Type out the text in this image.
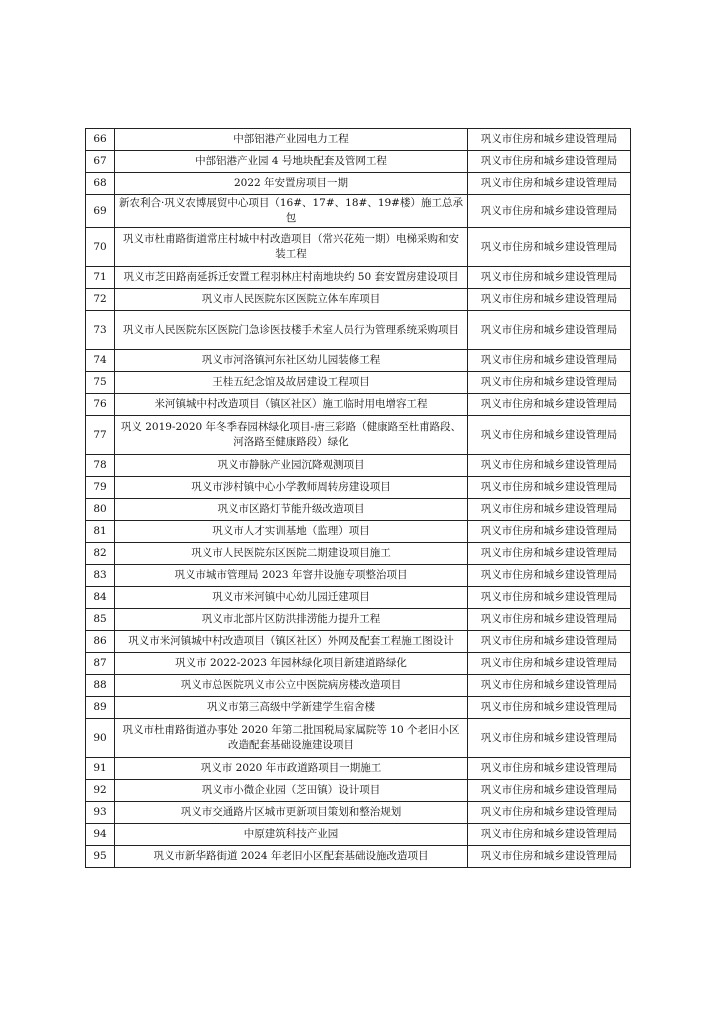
66	中部铝港产业园电力工程	巩义市住房和城乡建设管理局
67	中部铝港产业园 4 号地块配套及管网工程	巩义市住房和城乡建设管理局
68	2022 年安置房项目一期	巩义市住房和城乡建设管理局
69	新农利合·巩义农博展贸中心项目（16#、17#、18#、19#楼）施工总承包	巩义市住房和城乡建设管理局
70	巩义市杜甫路街道常庄村城中村改造项目（常兴花苑一期）电梯采购和安装工程	巩义市住房和城乡建设管理局
71	巩义市芝田路南延拆迁安置工程羽林庄村南地块约 50 套安置房建设项目	巩义市住房和城乡建设管理局
72	巩义市人民医院东区医院立体车库项目	巩义市住房和城乡建设管理局
73	巩义市人民医院东区医院门急诊医技楼手术室人员行为管理系统采购项目	巩义市住房和城乡建设管理局
74	巩义市河洛镇河东社区幼儿园装修工程	巩义市住房和城乡建设管理局
75	王桂五纪念馆及故居建设工程项目	巩义市住房和城乡建设管理局
76	米河镇城中村改造项目（镇区社区）施工临时用电增容工程	巩义市住房和城乡建设管理局
77	巩义 2019-2020 年冬季春园林绿化项目-唐三彩路（健康路至杜甫路段、河洛路至健康路段）绿化	巩义市住房和城乡建设管理局
78	巩义市静脉产业园沉降观测项目	巩义市住房和城乡建设管理局
79	巩义市涉村镇中心小学教师周转房建设项目	巩义市住房和城乡建设管理局
80	巩义市区路灯节能升级改造项目	巩义市住房和城乡建设管理局
81	巩义市人才实训基地（监理）项目	巩义市住房和城乡建设管理局
82	巩义市人民医院东区医院二期建设项目施工	巩义市住房和城乡建设管理局
83	巩义市城市管理局 2023 年窨井设施专项整治项目	巩义市住房和城乡建设管理局
84	巩义市米河镇中心幼儿园迁建项目	巩义市住房和城乡建设管理局
85	巩义市北部片区防洪排涝能力提升工程	巩义市住房和城乡建设管理局
86	巩义市米河镇城中村改造项目（镇区社区）外网及配套工程施工图设计	巩义市住房和城乡建设管理局
87	巩义市 2022-2023 年园林绿化项目新建道路绿化	巩义市住房和城乡建设管理局
88	巩义市总医院巩义市公立中医院病房楼改造项目	巩义市住房和城乡建设管理局
89	巩义市第三高级中学新建学生宿舍楼	巩义市住房和城乡建设管理局
90	巩义市杜甫路街道办事处 2020 年第二批国税局家属院等 10 个老旧小区改造配套基础设施建设项目	巩义市住房和城乡建设管理局
91	巩义市 2020 年市政道路项目一期施工	巩义市住房和城乡建设管理局
92	巩义市小微企业园（芝田镇）设计项目	巩义市住房和城乡建设管理局
93	巩义市交通路片区城市更新项目策划和整治规划	巩义市住房和城乡建设管理局
94	中原建筑科技产业园	巩义市住房和城乡建设管理局
95	巩义市新华路街道 2024 年老旧小区配套基础设施改造项目	巩义市住房和城乡建设管理局
